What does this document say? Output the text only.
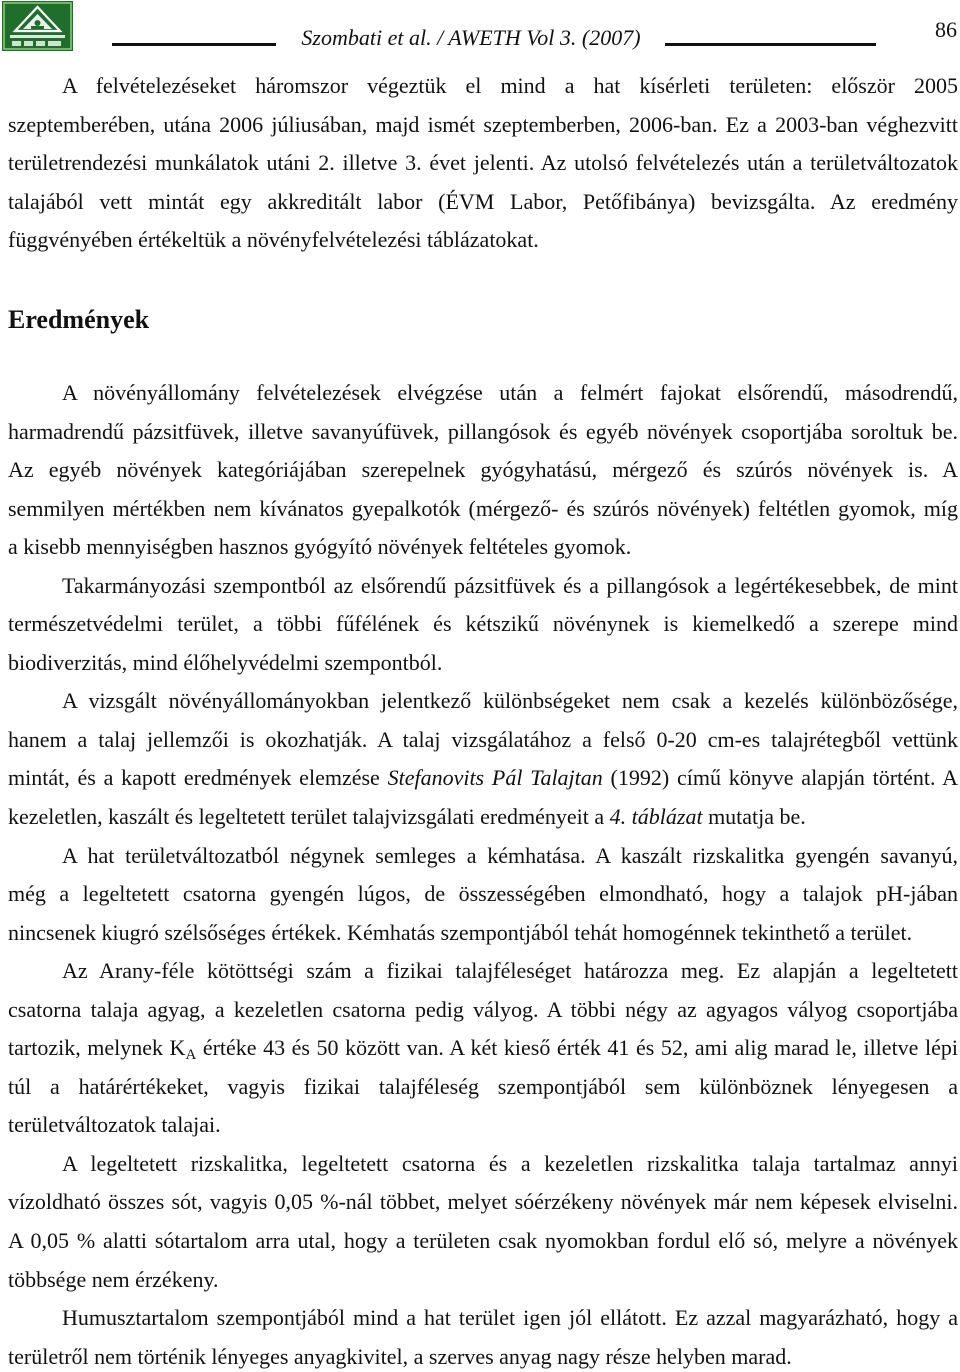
Szombati et al. / AWETH Vol 3. (2007)	86
A felvételezéseket háromszor végeztük el mind a hat kísérleti területen: először 2005
szeptemberében, utána 2006 júliusában, majd ismét szeptemberben, 2006-ban. Ez a 2003-ban véghezvitt
területrendezési munkálatok utáni 2. illetve 3. évet jelenti. Az utolsó felvételezés után a területváltozatok
talajából vett mintát egy akkreditált labor (ÉVM Labor, Petőfibánya) bevizsgálta. Az eredmény
függvényében értékeltük a növényfelvételezési táblázatokat.
Eredmények
A növényállomány felvételezések elvégzése után a felmért fajokat elsőrendű, másodrendű,
harmadrendű pázsitfüvek, illetve savanyúfüvek, pillangósok és egyéb növények csoportjába soroltuk be.
Az egyéb növények kategóriájában szerepelnek gyógyhatású, mérgező és szúrós növények is. A
semmilyen mértékben nem kívánatos gyepalkotók (mérgező- és szúrós növények) feltétlen gyomok, míg
a kisebb mennyiségben hasznos gyógyító növények feltételes gyomok.
Takarmányozási szempontból az elsőrendű pázsitfüvek és a pillangósok a legértékesebbek, de mint
természetvédelmi terület, a többi fűfélének és kétszikű növénynek is kiemelkedő a szerepe mind
biodiverzitás, mind élőhelyvédelmi szempontból.
A vizsgált növényállományokban jelentkező különbségeket nem csak a kezelés különbözősége,
hanem a talaj jellemzői is okozhatják. A talaj vizsgálatához a felső 0-20 cm-es talajrétegből vettünk
mintát, és a kapott eredmények elemzése Stefanovits Pál Talajtan (1992) című könyve alapján történt. A
kezeletlen, kaszált és legeltetett terület talajvizsgálati eredményeit a 4. táblázat mutatja be.
A hat területváltozatból négynek semleges a kémhatása. A kaszált rizskalitka gyengén savanyú,
még a legeltetett csatorna gyengén lúgos, de összességében elmondható, hogy a talajok pH-jában
nincsenek kiugró szélsőséges értékek. Kémhatás szempontjából tehát homogénnek tekinthető a terület.
Az Arany-féle kötöttségi szám a fizikai talajféleséget határozza meg. Ez alapján a legeltetett
csatorna talaja agyag, a kezeletlen csatorna pedig vályog. A többi négy az agyagos vályog csoportjába
tartozik, melynek $K_A$ értéke 43 és 50 között van. A két kieső érték 41 és 52, ami alig marad le, illetve lépi
túl a határértékeket, vagyis fizikai talajféleség szempontjából sem különböznek lényegesen a
területváltozatok talajai.
A legeltetett rizskalitka, legeltetett csatorna és a kezeletlen rizskalitka talaja tartalmaz annyi
vízoldható összes sót, vagyis 0,05 %-nál többet, melyet sóérzékeny növények már nem képesek elviselni.
A 0,05 % alatti sótartalom arra utal, hogy a területen csak nyomokban fordul elő só, melyre a növények
többsége nem érzékeny.
Humusztartalom szempontjából mind a hat terület igen jól ellátott. Ez azzal magyarázható, hogy a
területről nem történik lényeges anyagkivitel, a szerves anyag nagy része helyben marad.
